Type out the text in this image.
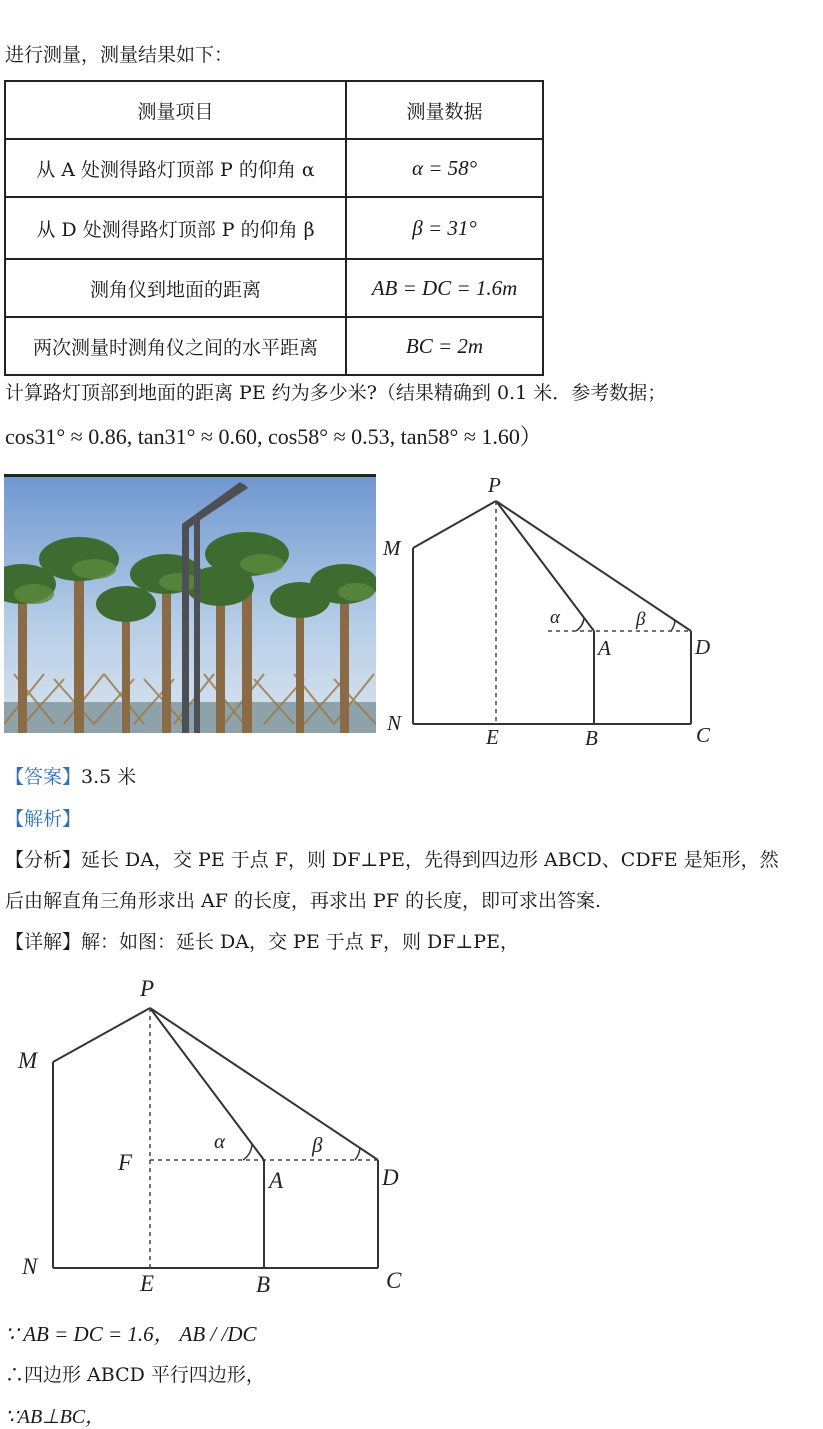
进行测量，测量结果如下：
测量项目	测量数据
从 A 处测得路灯顶部 P 的仰角 α	α = 58°
从 D 处测得路灯顶部 P 的仰角 β	β = 31°
测角仪到地面的距离	AB = DC = 1.6m
两次测量时测角仪之间的水平距离	BC = 2m
计算路灯顶部到地面的距离 PE 约为多少米?（结果精确到 0.1 米．参考数据；
cos31° ≈ 0.86, tan31° ≈ 0.60, cos58° ≈ 0.53, tan58° ≈ 1.60）
P
M
N
E	B	C
D
A
α	β
【答案】3.5 米
【解析】
【分析】延长 DA，交 PE 于点 F，则 DF⊥PE，先得到四边形 ABCD、CDFE 是矩形，然
后由解直角三角形求出 AF 的长度，再求出 PF 的长度，即可求出答案.
【详解】解：如图：延长 DA，交 PE 于点 F，则 DF⊥PE，
P
M
N
E	B	C
D
A
F
α	β
∵ AB = DC = 1.6， AB / /DC
∴四边形 ABCD 平行四边形，
∵AB⊥BC，
